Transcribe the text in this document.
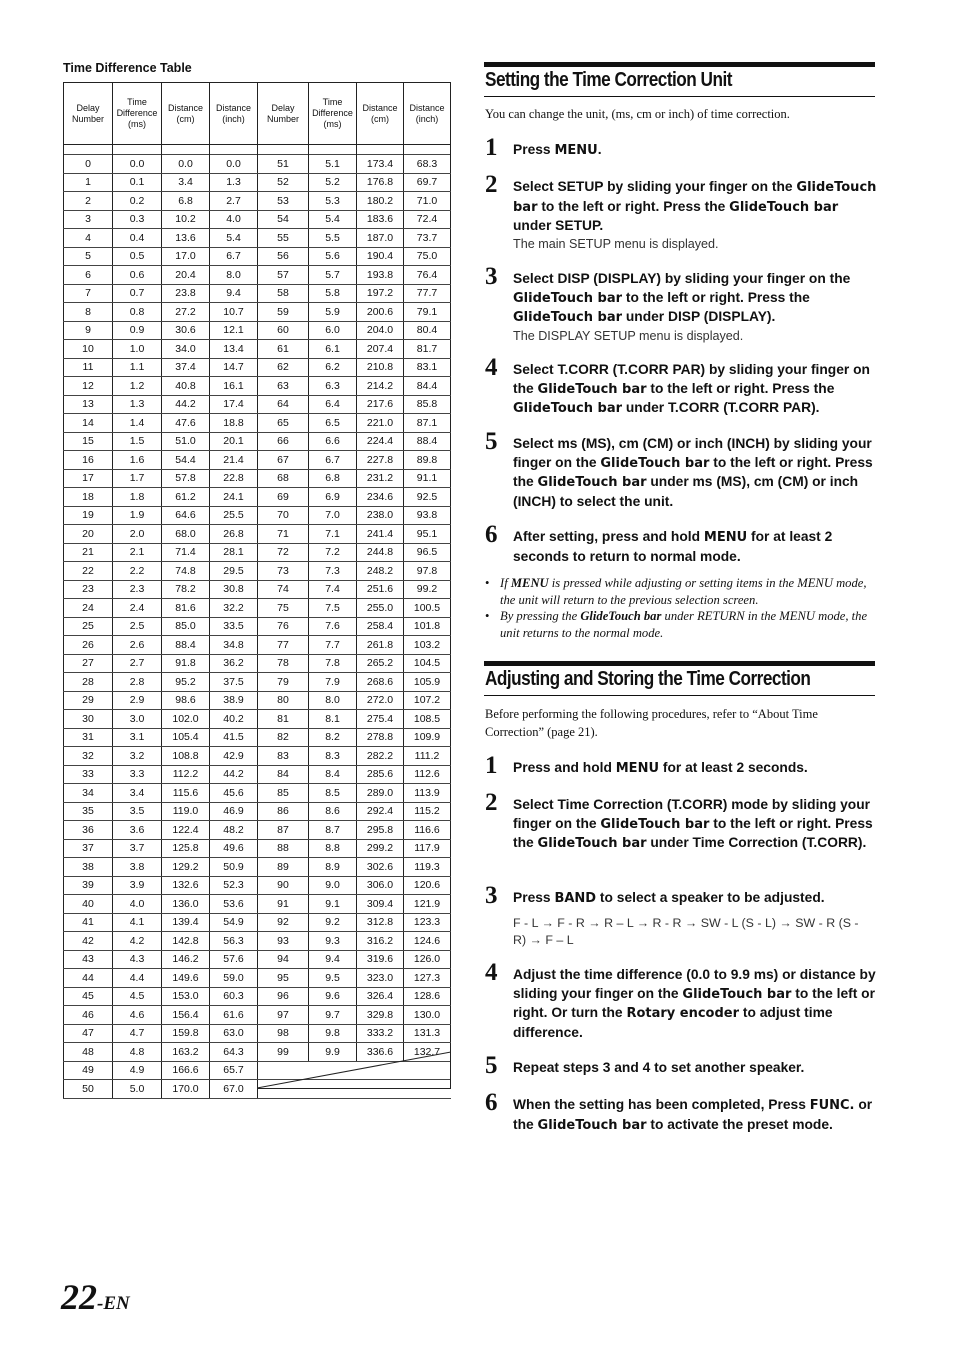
Time Difference Table
Delay Number	Time Difference (ms)	Distance (cm)	Distance (inch)	Delay Number	Time Difference (ms)	Distance (cm)	Distance (inch)

0	0.0	0.0	0.0	51	5.1	173.4	68.3
1	0.1	3.4	1.3	52	5.2	176.8	69.7
2	0.2	6.8	2.7	53	5.3	180.2	71.0
3	0.3	10.2	4.0	54	5.4	183.6	72.4
4	0.4	13.6	5.4	55	5.5	187.0	73.7
5	0.5	17.0	6.7	56	5.6	190.4	75.0
6	0.6	20.4	8.0	57	5.7	193.8	76.4
7	0.7	23.8	9.4	58	5.8	197.2	77.7
8	0.8	27.2	10.7	59	5.9	200.6	79.1
9	0.9	30.6	12.1	60	6.0	204.0	80.4
10	1.0	34.0	13.4	61	6.1	207.4	81.7
11	1.1	37.4	14.7	62	6.2	210.8	83.1
12	1.2	40.8	16.1	63	6.3	214.2	84.4
13	1.3	44.2	17.4	64	6.4	217.6	85.8
14	1.4	47.6	18.8	65	6.5	221.0	87.1
15	1.5	51.0	20.1	66	6.6	224.4	88.4
16	1.6	54.4	21.4	67	6.7	227.8	89.8
17	1.7	57.8	22.8	68	6.8	231.2	91.1
18	1.8	61.2	24.1	69	6.9	234.6	92.5
19	1.9	64.6	25.5	70	7.0	238.0	93.8
20	2.0	68.0	26.8	71	7.1	241.4	95.1
21	2.1	71.4	28.1	72	7.2	244.8	96.5
22	2.2	74.8	29.5	73	7.3	248.2	97.8
23	2.3	78.2	30.8	74	7.4	251.6	99.2
24	2.4	81.6	32.2	75	7.5	255.0	100.5
25	2.5	85.0	33.5	76	7.6	258.4	101.8
26	2.6	88.4	34.8	77	7.7	261.8	103.2
27	2.7	91.8	36.2	78	7.8	265.2	104.5
28	2.8	95.2	37.5	79	7.9	268.6	105.9
29	2.9	98.6	38.9	80	8.0	272.0	107.2
30	3.0	102.0	40.2	81	8.1	275.4	108.5
31	3.1	105.4	41.5	82	8.2	278.8	109.9
32	3.2	108.8	42.9	83	8.3	282.2	111.2
33	3.3	112.2	44.2	84	8.4	285.6	112.6
34	3.4	115.6	45.6	85	8.5	289.0	113.9
35	3.5	119.0	46.9	86	8.6	292.4	115.2
36	3.6	122.4	48.2	87	8.7	295.8	116.6
37	3.7	125.8	49.6	88	8.8	299.2	117.9
38	3.8	129.2	50.9	89	8.9	302.6	119.3
39	3.9	132.6	52.3	90	9.0	306.0	120.6
40	4.0	136.0	53.6	91	9.1	309.4	121.9
41	4.1	139.4	54.9	92	9.2	312.8	123.3
42	4.2	142.8	56.3	93	9.3	316.2	124.6
43	4.3	146.2	57.6	94	9.4	319.6	126.0
44	4.4	149.6	59.0	95	9.5	323.0	127.3
45	4.5	153.0	60.3	96	9.6	326.4	128.6
46	4.6	156.4	61.6	97	9.7	329.8	130.0
47	4.7	159.8	63.0	98	9.8	333.2	131.3
48	4.8	163.2	64.3	99	9.9	336.6	132.7
49	4.9	166.6	65.7				
50	5.0	170.0	67.0				
Setting the Time Correction Unit
You can change the unit, (ms, cm or inch) of time correction.
1 Press MENU.
2 Select SETUP by sliding your finger on the GlideTouch bar to the left or right. Press the GlideTouch bar under SETUP.
The main SETUP menu is displayed.
3 Select DISP (DISPLAY) by sliding your finger on the GlideTouch bar to the left or right. Press the GlideTouch bar under DISP (DISPLAY).
The DISPLAY SETUP menu is displayed.
4 Select T.CORR (T.CORR PAR) by sliding your finger on the GlideTouch bar to the left or right. Press the GlideTouch bar under T.CORR (T.CORR PAR).
5 Select ms (MS), cm (CM) or inch (INCH) by sliding your finger on the GlideTouch bar to the left or right. Press the GlideTouch bar under ms (MS), cm (CM) or inch (INCH) to select the unit.
6 After setting, press and hold MENU for at least 2 seconds to return to normal mode.
• If MENU is pressed while adjusting or setting items in the MENU mode, the unit will return to the previous selection screen.
• By pressing the GlideTouch bar under RETURN in the MENU mode, the unit returns to the normal mode.
Adjusting and Storing the Time Correction
Before performing the following procedures, refer to “About Time Correction” (page 21).
1 Press and hold MENU for at least 2 seconds.
2 Select Time Correction (T.CORR) mode by sliding your finger on the GlideTouch bar to the left or right. Press the GlideTouch bar under Time Correction (T.CORR).
3 Press BAND to select a speaker to be adjusted.
4 Adjust the time difference (0.0 to 9.9 ms) or distance by sliding your finger on the GlideTouch bar to the left or right. Or turn the Rotary encoder to adjust time difference.
5 Repeat steps 3 and 4 to set another speaker.
6 When the setting has been completed, Press FUNC. or the GlideTouch bar to activate the preset mode.
F - L → F - R → R – L → R - R → SW - L (S - L) → SW - R (S - R) → F – L
22-EN
